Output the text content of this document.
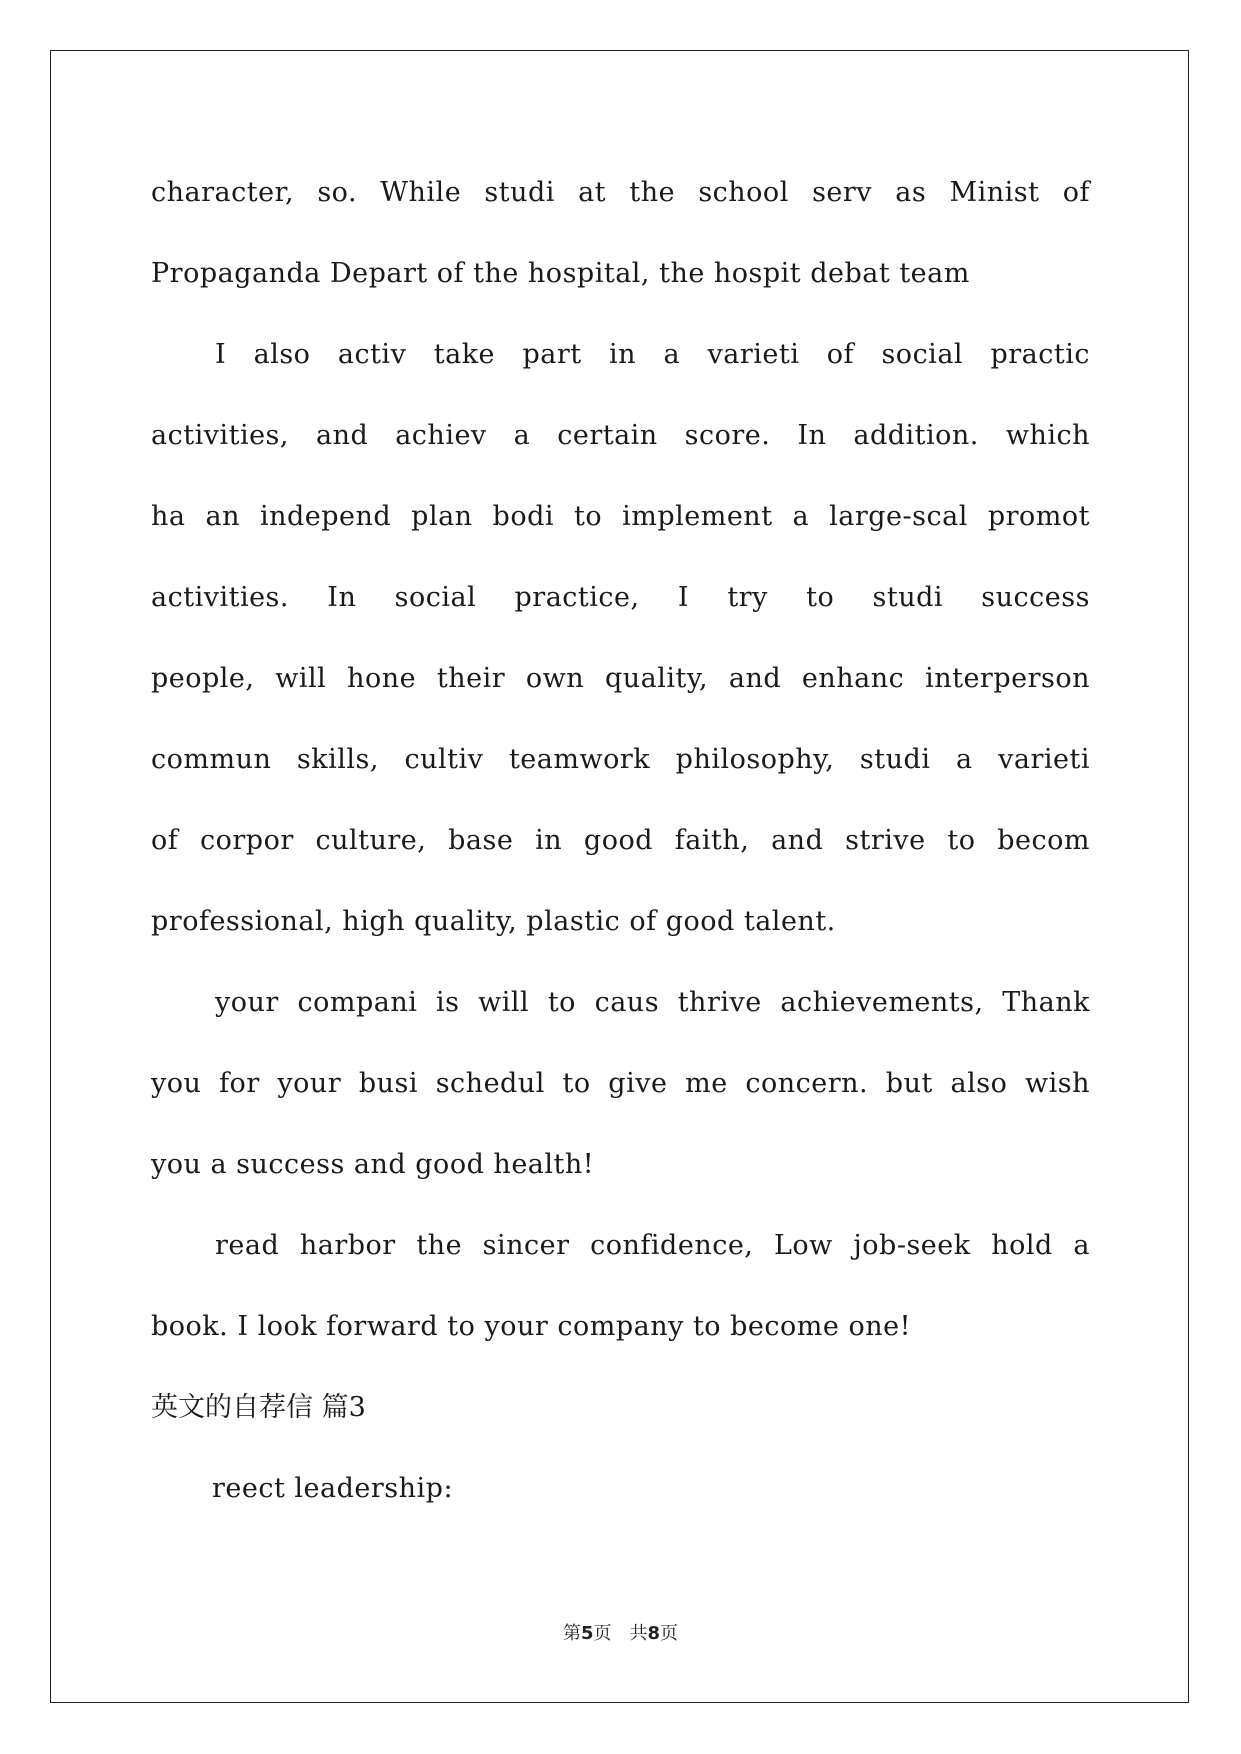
character, so. While studi at the school serv as Minist of
Propaganda Depart of the hospital, the hospit debat team
I also activ take part in a varieti of social practic
activities, and achiev a certain score. In addition. which
ha an independ plan bodi to implement a large-scal promot
activities. In social practice, I try to studi success
people, will hone their own quality, and enhanc interperson
commun skills, cultiv teamwork philosophy, studi a varieti
of corpor culture, base in good faith, and strive to becom
professional, high quality, plastic of good talent.
your compani is will to caus thrive achievements, Thank
you for your busi schedul to give me concern. but also wish
you a success and good health!
read harbor the sincer confidence, Low job-seek hold a
book. I look forward to your company to become one!
英文的自荐信 篇3
reect leadership:
第5页 共8页
